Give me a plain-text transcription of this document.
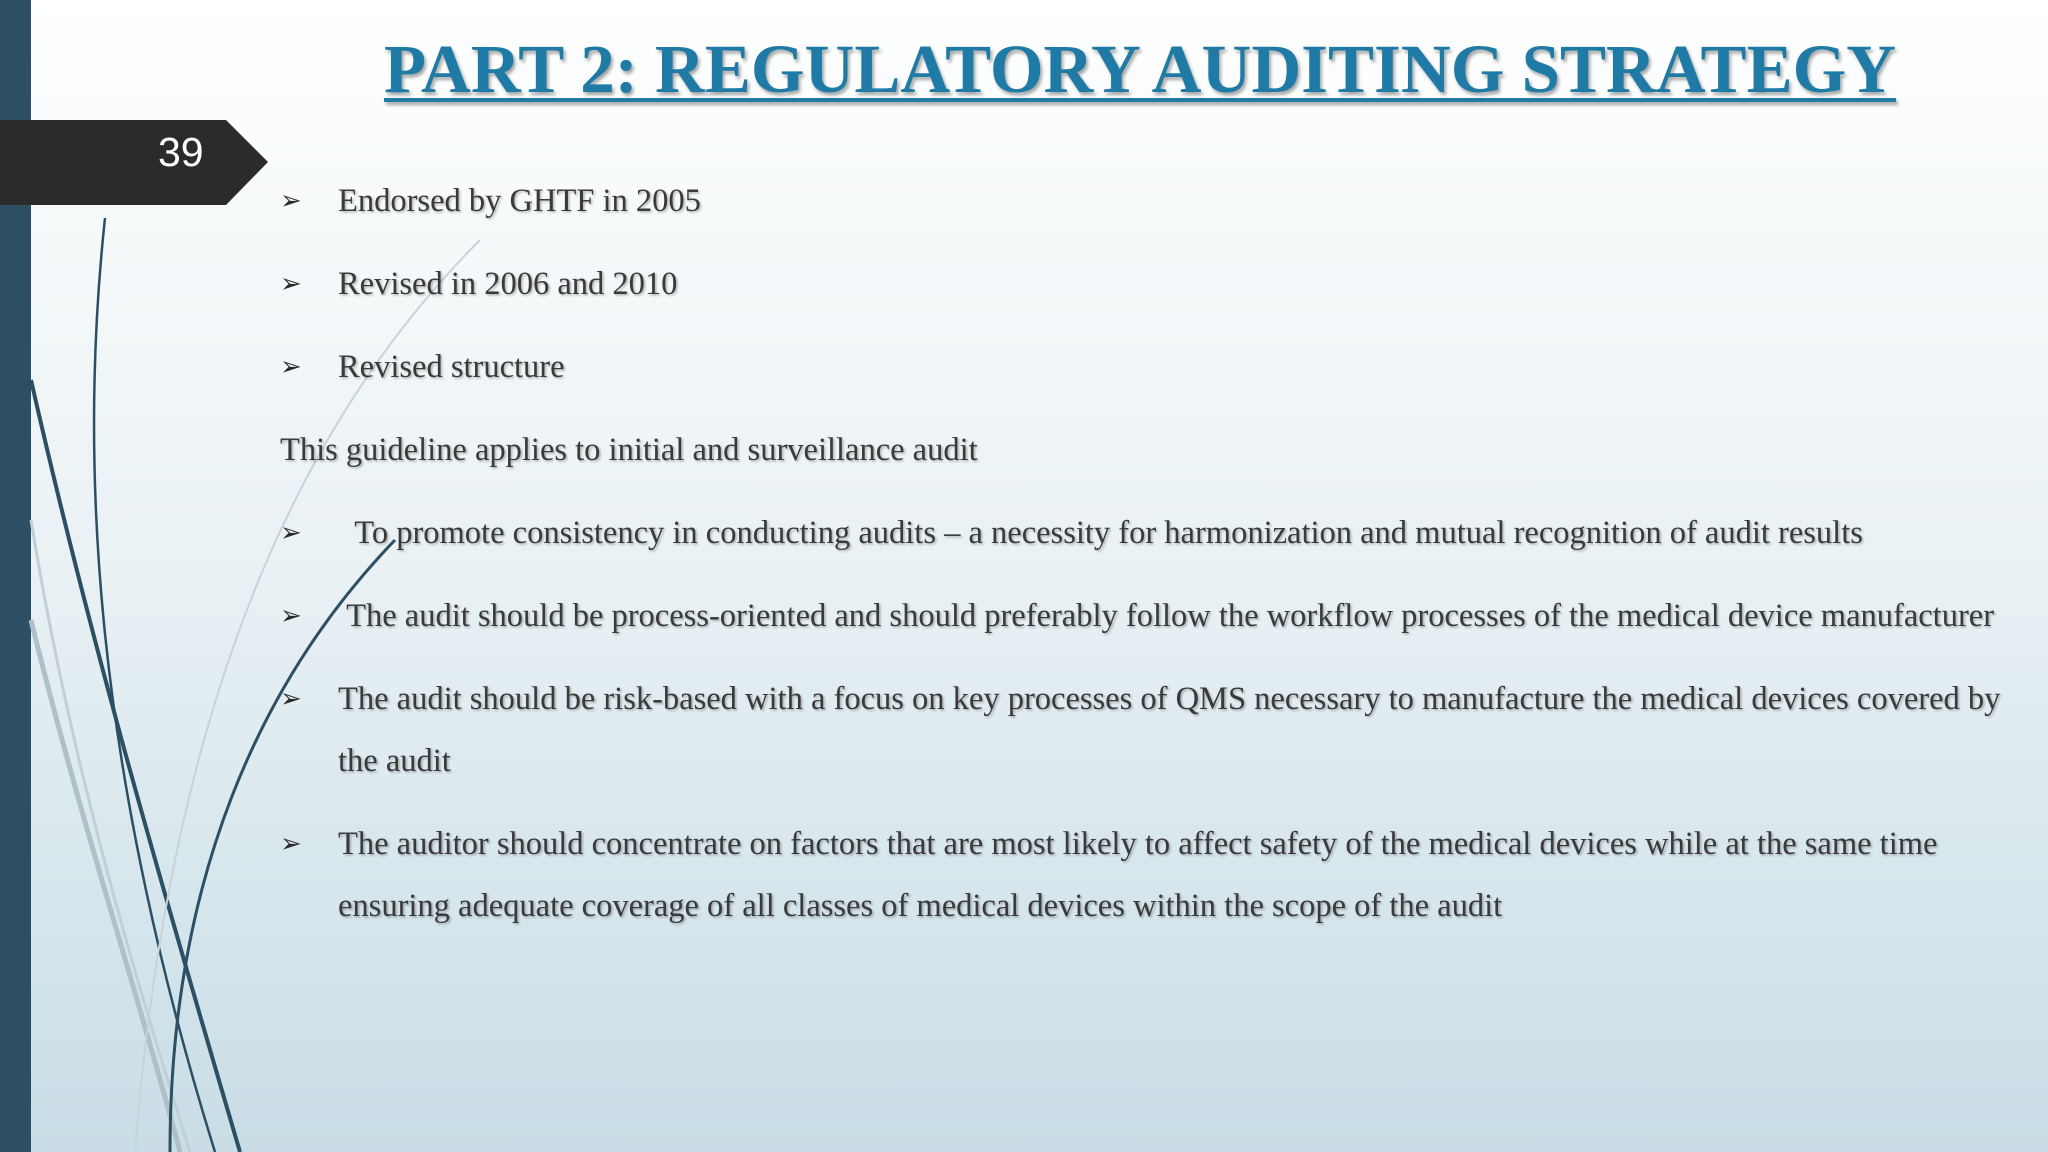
39
PART 2: REGULATORY AUDITING STRATEGY
➢ Endorsed by GHTF in 2005
➢ Revised in 2006 and 2010
➢ Revised structure
This guideline applies to initial and surveillance audit
➢ To promote consistency in conducting audits – a necessity for harmonization and mutual recognition of audit results
➢ The audit should be process-oriented and should preferably follow the workflow processes of the medical device manufacturer
➢ The audit should be risk-based with a focus on key processes of QMS necessary to manufacture the medical devices covered by the audit
➢ The auditor should concentrate on factors that are most likely to affect safety of the medical devices while at the same time ensuring adequate coverage of all classes of medical devices within the scope of the audit
